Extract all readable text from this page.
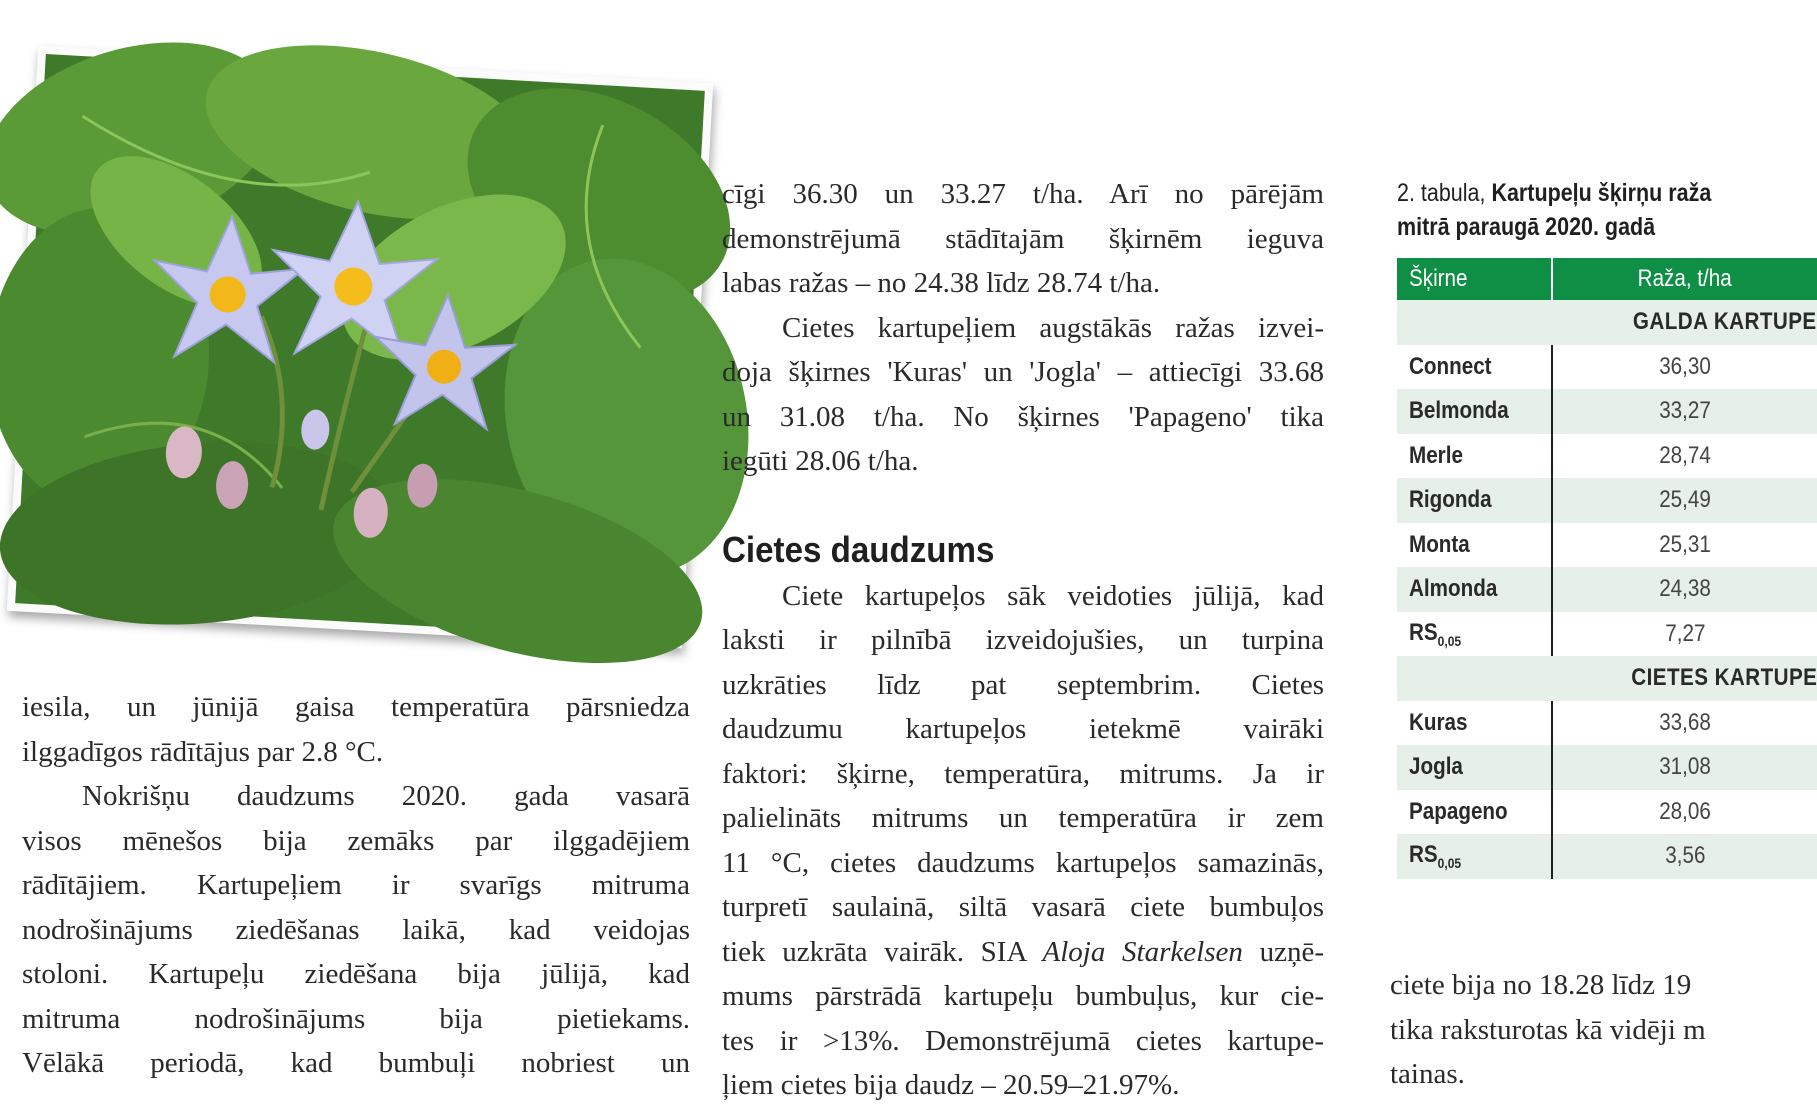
iesila, un jūnijā gaisa temperatūra pārsniedza

ilggadīgos rādītājus par 2.8 °C.

Nokrišņu daudzums 2020. gada vasarā

visos mēnešos bija zemāks par ilggadējiem

rādītājiem. Kartupeļiem ir svarīgs mitruma

nodrošinājums ziedēšanas laikā, kad veidojas

stoloni. Kartupeļu ziedēšana bija jūlijā, kad

mitruma nodrošinājums bija pietiekams.

Vēlākā periodā, kad bumbuļi nobriest un

cīgi 36.30 un 33.27 t/ha. Arī no pārējām

demonstrējumā stādītajām šķirnēm ieguva

labas ražas – no 24.38 līdz 28.74 t/ha.

Cietes kartupeļiem augstākās ražas izvei-

doja šķirnes 'Kuras' un 'Jogla' – attiecīgi 33.68

un 31.08 t/ha. No šķirnes 'Papageno' tika

iegūti 28.06 t/ha.

Cietes daudzums

Ciete kartupeļos sāk veidoties jūlijā, kad

laksti ir pilnībā izveidojušies, un turpina

uzkrāties līdz pat septembrim. Cietes

daudzumu kartupeļos ietekmē vairāki

faktori: šķirne, temperatūra, mitrums. Ja ir

palielināts mitrums un temperatūra ir zem

11 °C, cietes daudzums kartupeļos samazinās,

turpretī saulainā, siltā vasarā ciete bumbuļos

tiek uzkrāta vairāk. SIA Aloja Starkelsen uzņē-

mums pārstrādā kartupeļu bumbuļus, kur cie-

tes ir >13%. Demonstrējumā cietes kartupe-

ļiem cietes bija daudz – 20.59–21.97%.

2. tabula, Kartupeļu šķirņu raža
mitrā paraugā 2020. gadā
Šķirne	Raža, t/ha
GALDA KARTUPE	
Connect	36,30
Belmonda	33,27
Merle	28,74
Rigonda	25,49
Monta	25,31
Almonda	24,38
$RS_{0,05}$	7,27
CIETES KARTUPE	
Kuras	33,68
Jogla	31,08
Papageno	28,06
$RS_{0,05}$	3,56

ciete bija no 18.28 līdz 19

tika raksturotas kā vidēji m

tainas.
